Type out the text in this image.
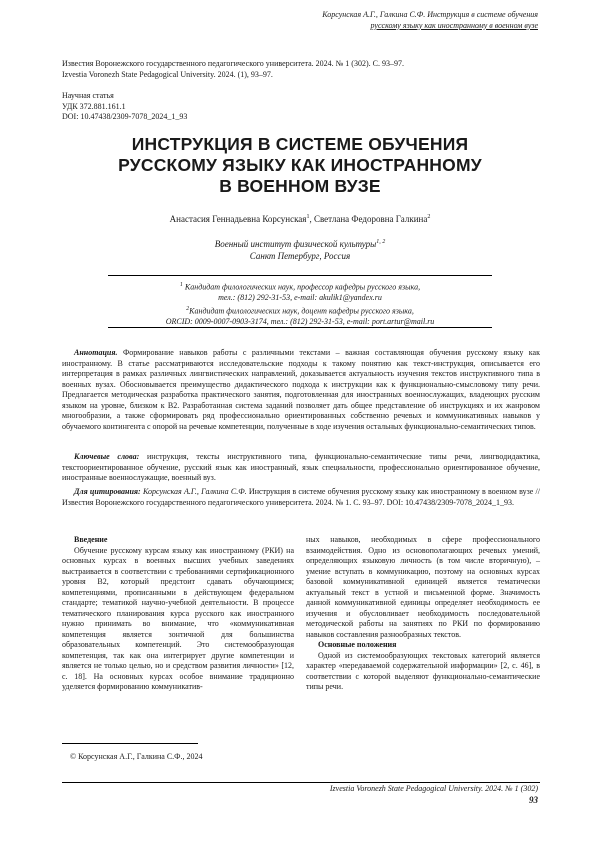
Корсунская А.Г., Галкина С.Ф. Инструкция в системе обучения
русскому языку как иностранному в военном вузе
Известия Воронежского государственного педагогического университета. 2024. № 1 (302). С. 93–97.
Izvestia Voronezh State Pedagogical University. 2024. (1), 93–97.
Научная статья
УДК 372.881.161.1
DOI: 10.47438/2309-7078_2024_1_93
ИНСТРУКЦИЯ В СИСТЕМЕ ОБУЧЕНИЯ
РУССКОМУ ЯЗЫКУ КАК ИНОСТРАННОМУ
В ВОЕННОМ ВУЗЕ
Анастасия Геннадьевна Корсунская$^1$, Светлана Федоровна Галкина$^2$
Военный институт физической культуры$^{1, 2}$
Санкт Петербург, Россия
$^1$ Кандидат филологических наук, профессор кафедры русского языка,
тел.: (812) 292-31-53, e-mail: akulik1@yandex.ru
$^2$Кандидат филологических наук, доцент кафедры русского языка,
ORCID: 0009-0007-0903-3174, тел.: (812) 292-31-53, e-mail: port.artur@mail.ru
Аннотация. Формирование навыков работы с различными текстами – важная составляющая обучения русскому языку как иностранному. В статье рассматриваются исследовательские подходы к такому понятию как текст-инструкция, описывается его интерпретация в рамках различных лингвистических направлений, доказывается актуальность изучения текстов инструктивного типа в военных вузах. Обосновывается преимущество дидактического подхода к инструкции как к функционально-смысловому типу речи. Предлагается методическая разработка практического занятия, подготовленная для иностранных военнослужащих, владеющих русским языком на уровне, близком к В2. Разработанная система заданий позволяет дать общее представление об инструкциях и их жанровом многообразии, а также сформировать ряд профессионально ориентированных собственно речевых и коммуникативных навыков у обучаемого контингента с опорой на речевые компетенции, полученные в ходе изучения остальных функционально-семантических типов.
Ключевые слова: инструкция, тексты инструктивного типа, функционально-семантические типы речи, лингводидактика, текстоориентированное обучение, русский язык как иностранный, язык специальности, профессионально ориентированное обучение, иностранные военнослужащие, военный вуз.
Для цитирования: Корсунская А.Г., Галкина С.Ф. Инструкция в системе обучения русскому языку как иностранному в военном вузе // Известия Воронежского государственного педагогического университета. 2024. № 1. С. 93–97. DOI: 10.47438/2309-7078_2024_1_93.
Введение
Обучение русскому курсам языку как иностранному (РКИ) на основных курсах в военных высших учебных заведениях выстраивается в соответствии с требованиями сертификационного уровня В2, который предстоит сдавать обучающимся; компетенциями, прописанными в действующем федеральном стандарте; тематикой научно-учебной деятельности. В процессе тематического планирования курса русского как иностранного нужно принимать во внимание, что «коммуникативная компетенция является зонтичной для большинства образовательных компетенций. Это системообразующая компетенция, так как она интегрирует другие компетенции и является не только целью, но и средством развития личности» [12, с. 18]. На основных курсах особое внимание традиционно уделяется формированию коммуникатив-
ных навыков, необходимых в сфере профессионального взаимодействия. Одно из основополагающих речевых умений, определяющих языковую личность (в том числе вторичную), – умение вступать в коммуникацию, поэтому на основных курсах базовой коммуникативной единицей является тематически актуальный текст в устной и письменной форме. Значимость данной коммуникативной единицы определяет необходимость ее изучения и обусловливает необходимость последовательной методической работы на занятиях по РКИ по формированию навыков составления разнообразных текстов.
Основные положения
Одной из системообразующих текстовых категорий является характер «передаваемой содержательной информации» [2, с. 46], в соответствии с которой выделяют функционально-семантические типы речи.
© Корсунская А.Г., Галкина С.Ф., 2024
Izvestia Voronezh State Pedagogical University. 2024. № 1 (302)
93
